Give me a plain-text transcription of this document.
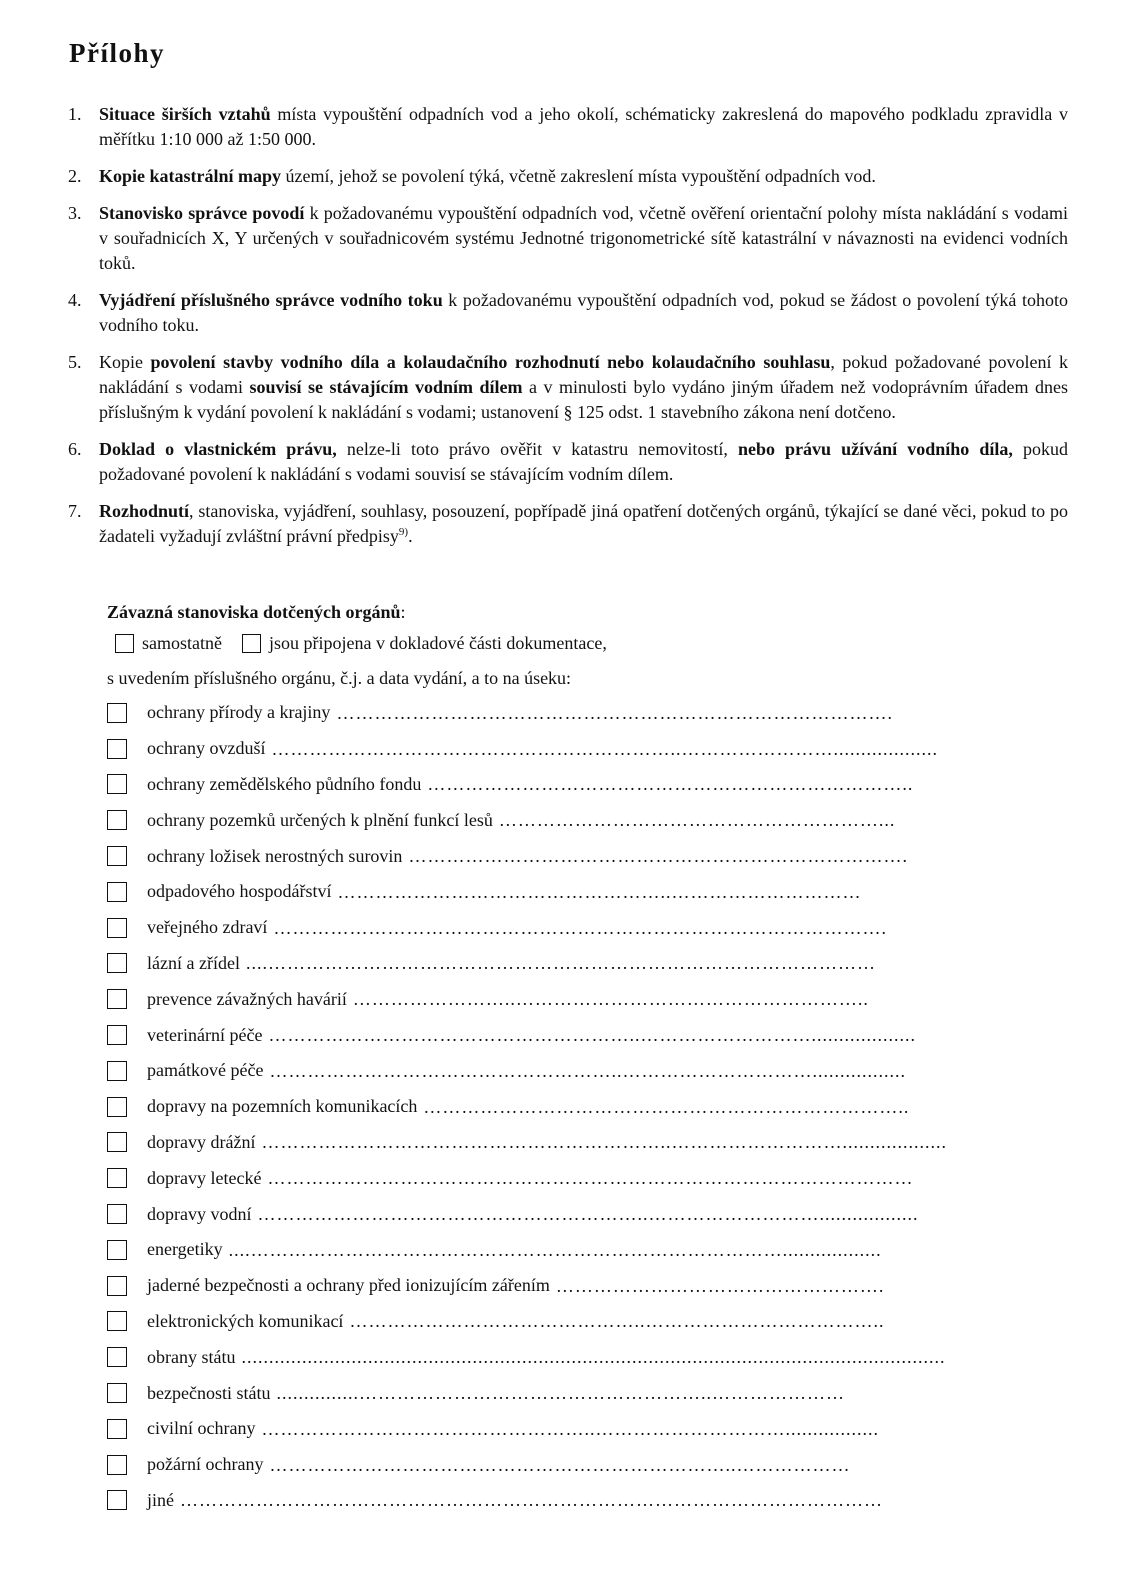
Přílohy
1. Situace širších vztahů místa vypouštění odpadních vod a jeho okolí, schématicky zakreslená do mapového podkladu zpravidla v měřítku 1:10 000 až 1:50 000.
2. Kopie katastrální mapy území, jehož se povolení týká, včetně zakreslení místa vypouštění odpadních vod.
3. Stanovisko správce povodí k požadovanému vypouštění odpadních vod, včetně ověření orientační polohy místa nakládání s vodami v souřadnicích X, Y určených v souřadnicovém systému Jednotné trigonometrické sítě katastrální v návaznosti na evidenci vodních toků.
4. Vyjádření příslušného správce vodního toku k požadovanému vypouštění odpadních vod, pokud se žádost o povolení týká tohoto vodního toku.
5. Kopie povolení stavby vodního díla a kolaudačního rozhodnutí nebo kolaudačního souhlasu, pokud požadované povolení k nakládání s vodami souvisí se stávajícím vodním dílem a v minulosti bylo vydáno jiným úřadem než vodoprávním úřadem dnes příslušným k vydání povolení k nakládání s vodami; ustanovení § 125 odst. 1 stavebního zákona není dotčeno.
6. Doklad o vlastnickém právu, nelze-li toto právo ověřit v katastru nemovitostí, nebo právu užívání vodního díla, pokud požadované povolení k nakládání s vodami souvisí se stávajícím vodním dílem.
7. Rozhodnutí, stanoviska, vyjádření, souhlasy, posouzení, popřípadě jiná opatření dotčených orgánů, týkající se dané věci, pokud to po žadateli vyžadují zvláštní právní předpisy$^{9)}$.
Závazná stanoviska dotčených orgánů:
samostatně	jsou připojena v dokladové části dokumentace,
s uvedením příslušného orgánu, č.j. a data vydání, a to na úseku:
ochrany přírody a krajiny …………………………………………………………………………….
ochrany ovzduší ………………………………………………………..……………………...................
ochrany zemědělského půdního fondu …………………………………………………………………..
ochrany pozemků určených k plnění funkcí lesů ……………………………………………………...
ochrany ložisek nerostných surovin …………………………………………………………………….
odpadového hospodářství ……………………………………………..…………………………
veřejného zdraví …………………………………………………………………………………….
lázní a zřídel ....……………………………………………………………………………………
prevence závažných havárií ……………………..………………………………………………..
veterinární péče …………………………………………………..………………………...................
památkové péče ………………………………………………..………………………….................
dopravy na pozemních komunikacích …………………………………………………………………..
dopravy drážní ………………………………………………………..………………………...................
dopravy letecké …………………………………………………………………………………………
dopravy vodní ……………………………………………………..………………………..................
energetiky ....…………………………………………………………………………..................
jaderné bezpečnosti a ochrany před ionizujícím zářením …………………………………………….
elektronických komunikací ………………………………………..………………………………..
obrany státu ................................................................................................................................
bezpečnosti státu ...............………………………………………………..…………………
civilní ochrany ……………………………………………..………………………….................
požární ochrany ………………………………………………………………..………………
jiné …………………………………………………………………………………………………
